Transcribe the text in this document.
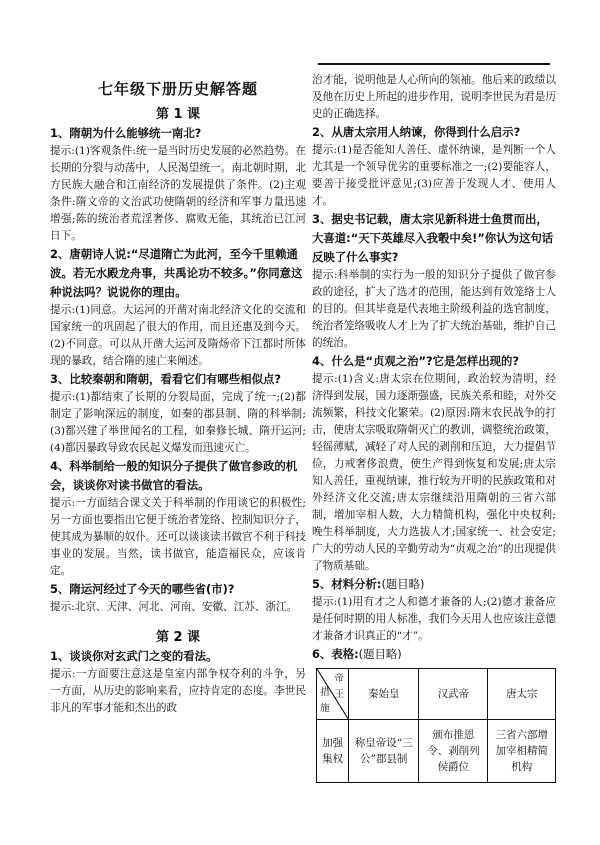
七年级下册历史解答题
第 1 课

1、隋朝为什么能够统一南北?

提示:(1)客观条件:统一是当时历史发展的必然趋势。在长期的分裂与动荡中，人民渴望统一。南北朝时期，北方民族大融合和江南经济的发展提供了条件。(2)主观条件:隋文帝的文治武功使隋朝的经济和军事力量迅速增强;陈的统治者荒淫奢侈、腐败无能，其统治已江河日下。

2、唐朝诗人说:“尽道隋亡为此河，至今千里赖通波。若无水殿龙舟事，共禹论功不较多。”你同意这种说法吗？说说你的理由。

提示:(1)同意。大运河的开凿对南北经济文化的交流和国家统一的巩固起了很大的作用，而且还惠及到今天。(2)不同意。可以从开凿大运河及隋炀帝下江都时所体现的暴政，结合隋的速亡来阐述。

3、比较秦朝和隋朝，看看它们有哪些相似点?

提示:(1)都结束了长期的分裂局面，完成了统一;(2)都制定了影响深远的制度，如秦的郡县制、隋的科举制;(3)都兴建了举世闻名的工程，如秦修长城、隋开运河;(4)都因暴政导致农民起义爆发而迅速灭亡。

4、科举制给一般的知识分子提供了做官参政的机会，谈谈你对读书做官的看法。

提示:一方面结合课文关于科举制的作用谈它的积极性;另一方面也要指出它便于统治者笼络、控制知识分子，使其成为暴顺的奴仆。还可以谈谈读书做官不利于科技事业的发展。当然，读书做官，能造福民众，应该肯定。

5、隋运河经过了今天的哪些省(市)?

提示:北京、天津、河北、河南、安徽、江苏、浙江。

第 2 课

1、谈谈你对玄武门之变的看法。

提示:一方面要注意这是皇室内部争权夺利的斗争，另一方面，从历史的影响来看，应持肯定的态度。李世民非凡的军事才能和杰出的政

治才能，说明他是人心所向的领袖。他后来的政绩以及他在历史上所起的进步作用，说明李世民为君是历史的正确选择。

2、从唐太宗用人纳谏，你得到什么启示?

提示:(1)是否能知人善任、虚怀纳谏，是判断一个人尤其是一个领导优劣的重要标准之一;(2)要能容人，要善于接受批评意见;(3)应善于发现人才、使用人才。

3、据史书记载，唐太宗见新科进士鱼贯而出，大喜道:“天下英雄尽入我彀中矣!”你认为这句话反映了什么事实?

提示:科举制的实行为一般的知识分子提供了做官参政的途径，扩大了选才的范围，能达到有效笼络士人的目的。但其毕竟是代表地主阶级利益的选官制度，统治者笼络吸收人才上为了扩大统治基础，维护自己的统治。

4、什么是“贞观之治”?它是怎样出现的?

提示:(1)含义:唐太宗在位期间，政治较为清明，经济得到发展，国力逐渐强盛，民族关系和睦，对外交流频繁，科技文化繁荣。(2)原因:隋末农民战争的打击，使唐太宗吸取隋朝灭亡的教训，调整统治政策，轻徭薄赋，减轻了对人民的剥削和压迫，大力提倡节俭，力戒奢侈浪费，使生产得到恢复和发展;唐太宗知人善任，重视纳谏，推行较为开明的民族政策和对外经济文化交流;唐太宗继续沿用隋朝的三省六部制，增加宰相人数，大力精简机构，强化中央权利;晚生科举制度，大力选拔人才;国家统一、社会安定;广大的劳动人民的辛勤劳动为“贞观之治”的出现提供了物质基础。

5、材料分析:(题目略)

提示:(1)用有才之人和德才兼备的人;(2)德才兼备应是任何时期的用人标准，我们今天用人也应该注意德才兼备才识真正的“才”。

6、表格:(题目略)

帝王
措施	秦始皇	汉武帝	唐太宗
加强集权	称皇帝设“三公”郡县制	颁布推恩令、剥削列侯爵位	三省六部增加宰相精简机构
